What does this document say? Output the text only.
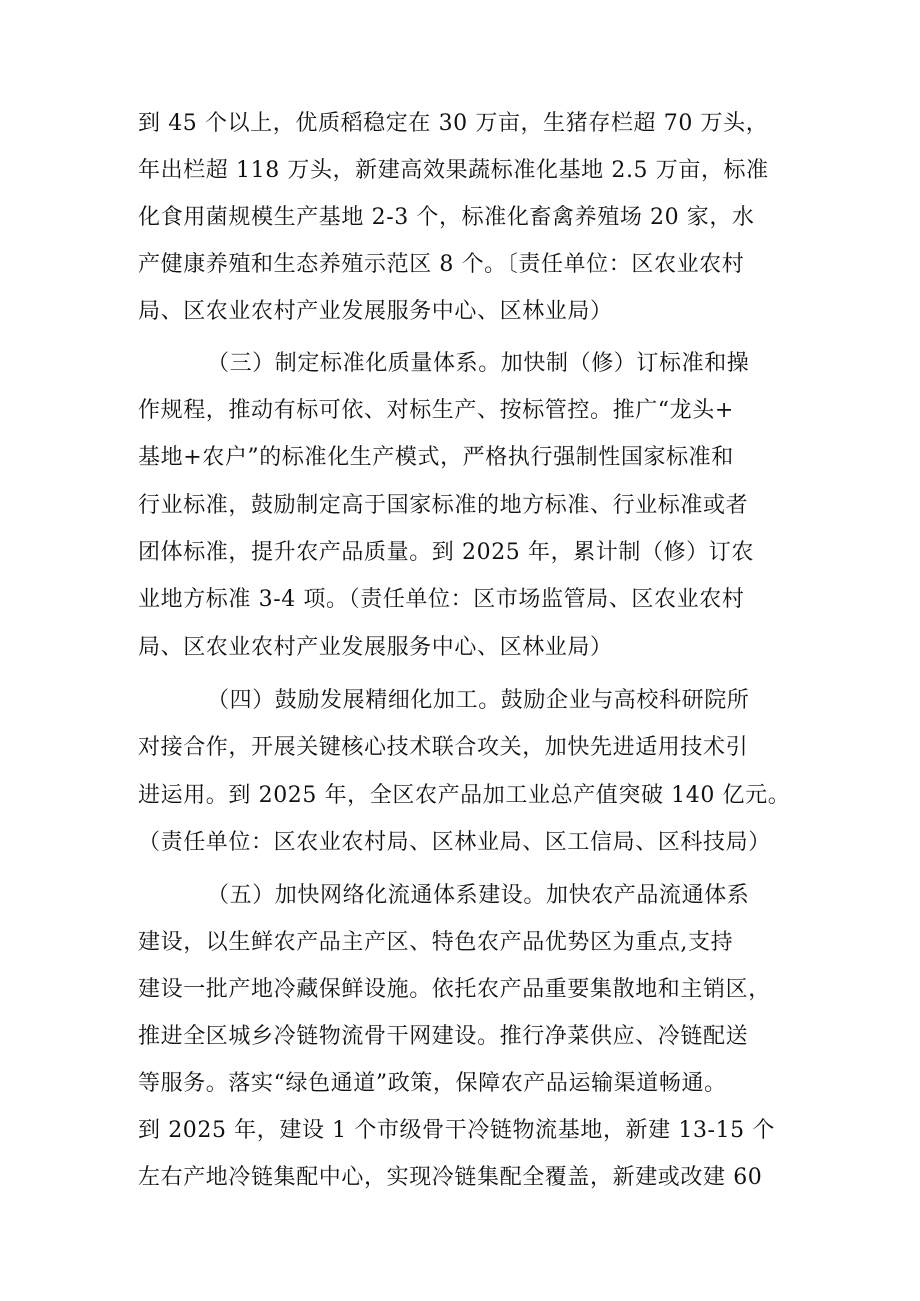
到 45 个以上，优质稻稳定在 30 万亩，生猪存栏超 70 万头，
年出栏超 118 万头，新建高效果蔬标准化基地 2.5 万亩，标准
化食用菌规模生产基地 2-3 个，标准化畜禽养殖场 20 家，水
产健康养殖和生态养殖示范区 8 个。〔责任单位：区农业农村
局、区农业农村产业发展服务中心、区林业局）
（三）制定标准化质量体系。加快制（修）订标准和操
作规程，推动有标可依、对标生产、按标管控。推广“龙头+
基地+农户”的标准化生产模式，严格执行强制性国家标准和
行业标准，鼓励制定高于国家标准的地方标准、行业标准或者
团体标准，提升农产品质量。到 2025 年，累计制（修）订农
业地方标准 3-4 项。（责任单位：区市场监管局、区农业农村
局、区农业农村产业发展服务中心、区林业局）
（四）鼓励发展精细化加工。鼓励企业与高校科研院所
对接合作，开展关键核心技术联合攻关，加快先进适用技术引
进运用。到 2025 年，全区农产品加工业总产值突破 140 亿元。
（责任单位：区农业农村局、区林业局、区工信局、区科技局）
（五）加快网络化流通体系建设。加快农产品流通体系
建设，以生鲜农产品主产区、特色农产品优势区为重点,支持
建设一批产地冷藏保鲜设施。依托农产品重要集散地和主销区，
推进全区城乡冷链物流骨干网建设。推行净菜供应、冷链配送
等服务。落实“绿色通道”政策，保障农产品运输渠道畅通。
到 2025 年，建设 1 个市级骨干冷链物流基地，新建 13-15 个
左右产地冷链集配中心，实现冷链集配全覆盖，新建或改建 60
